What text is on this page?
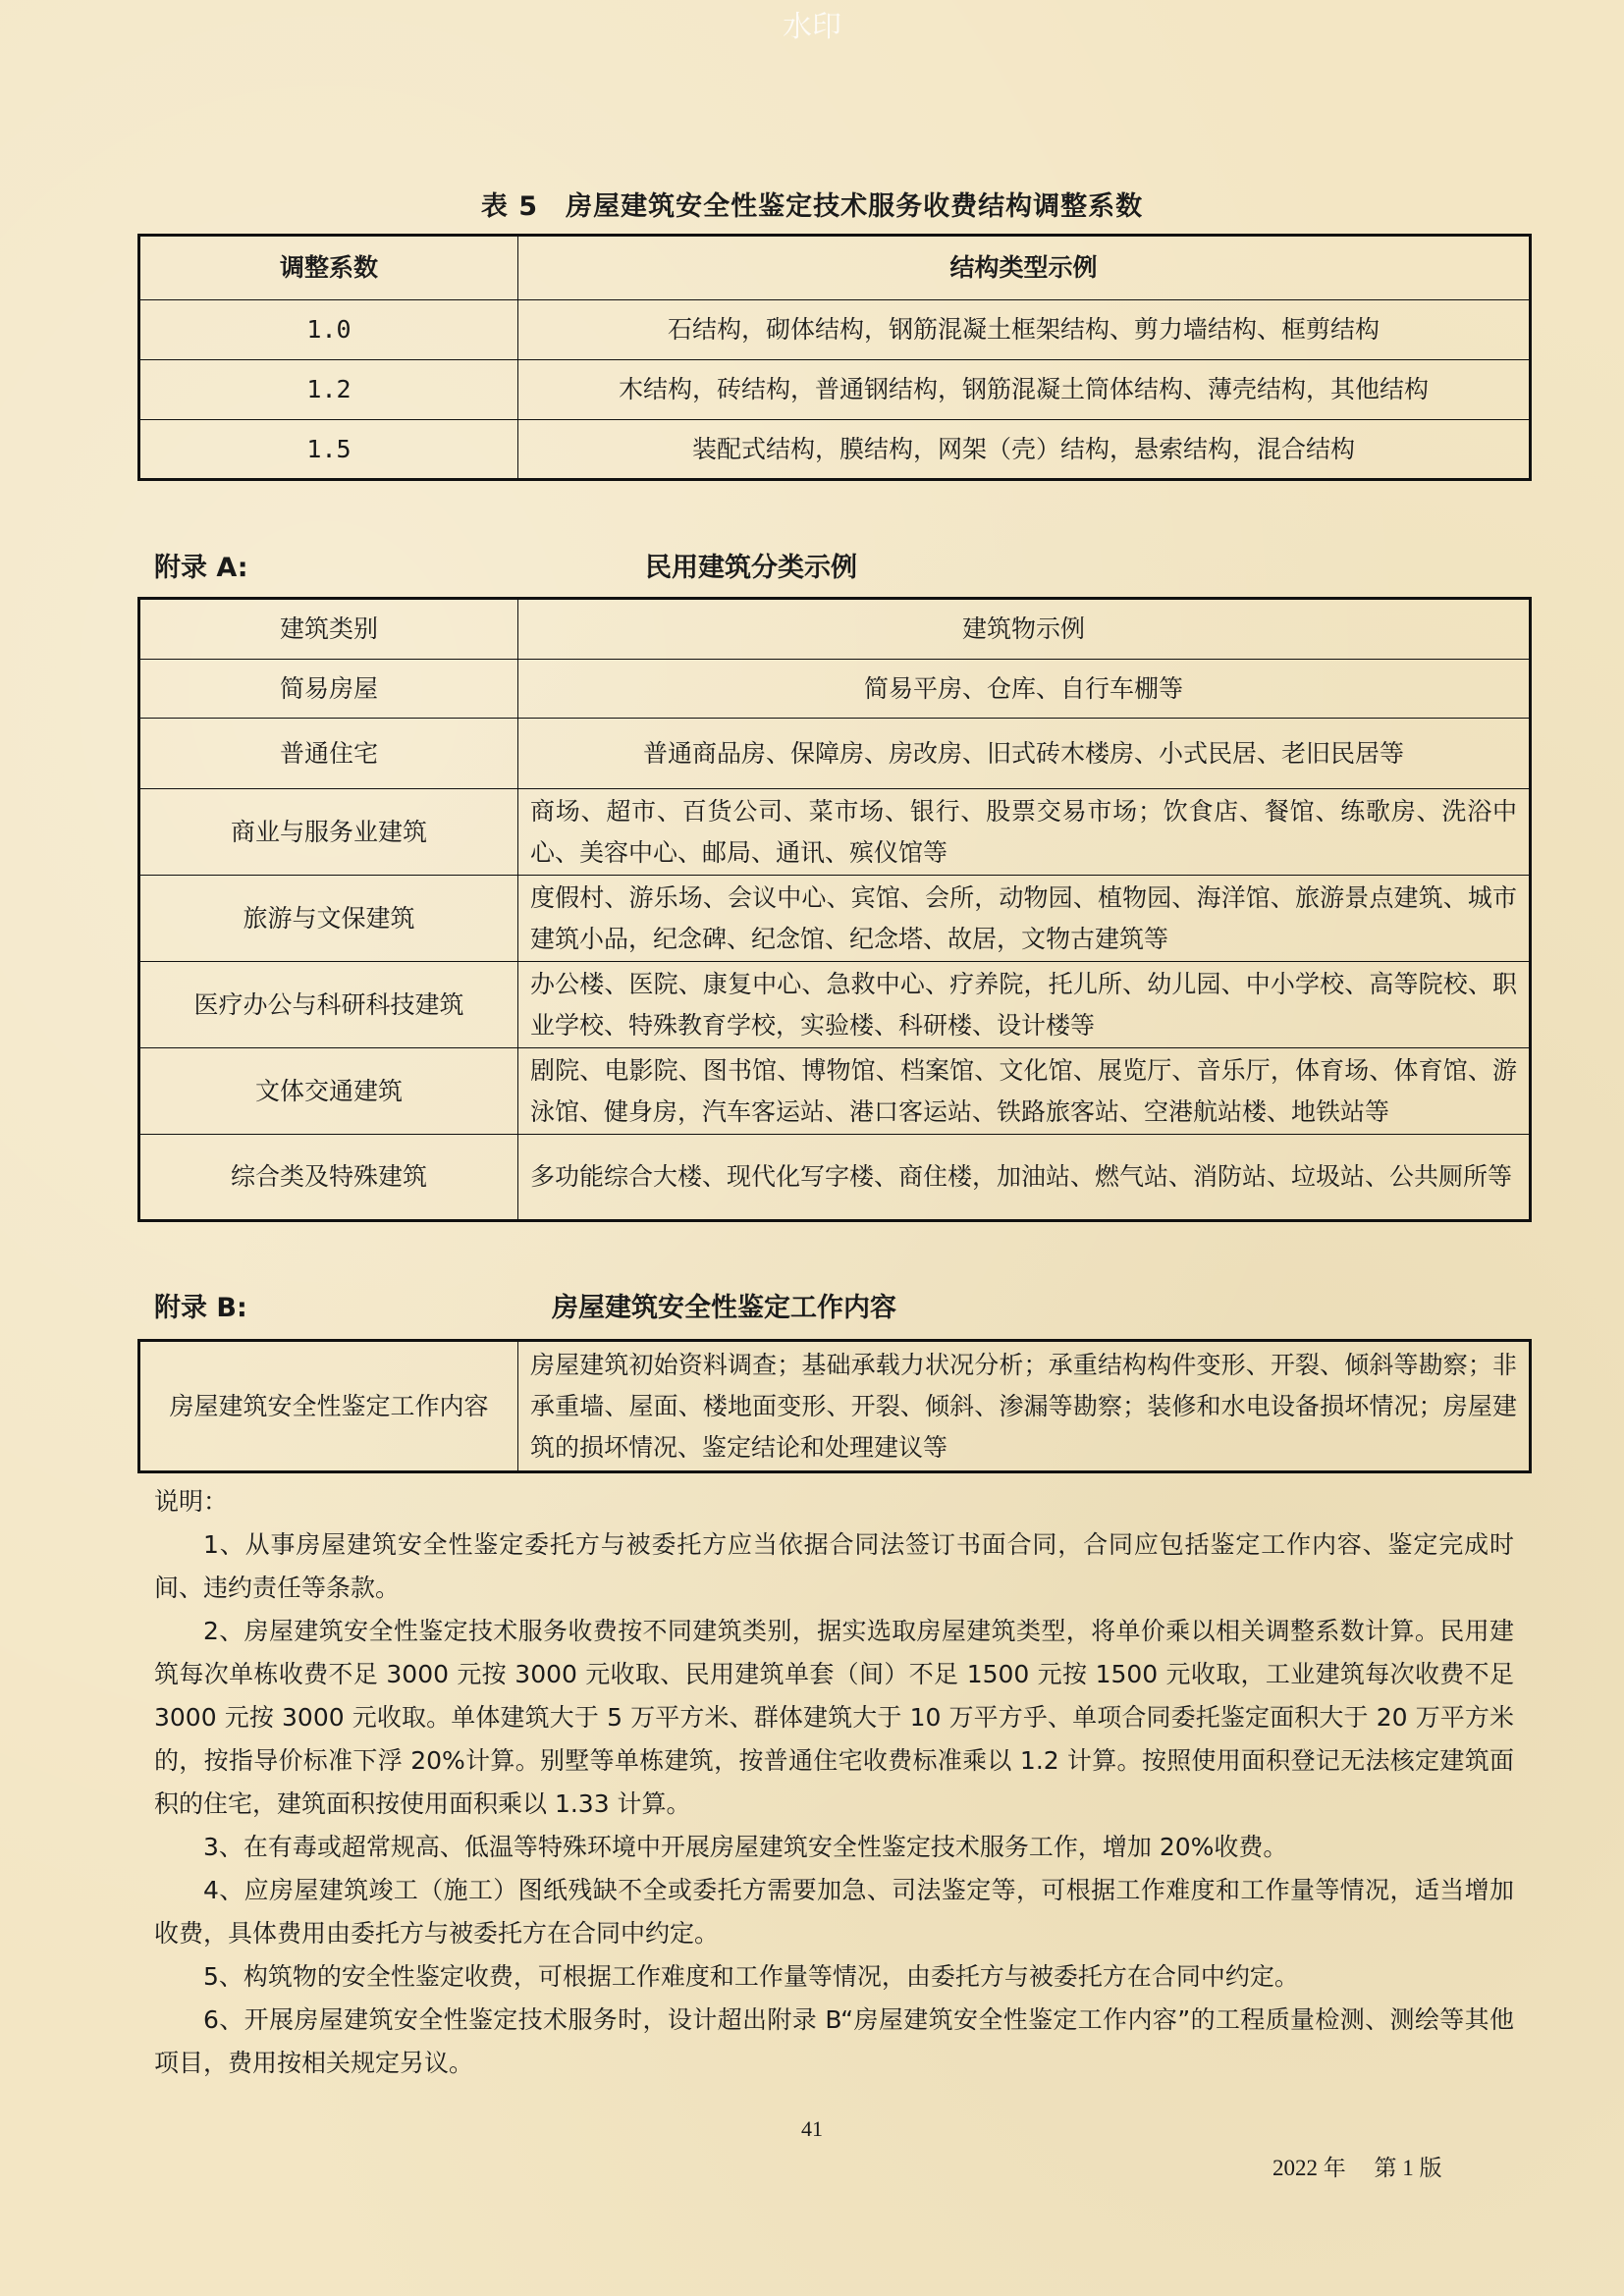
水印
表 5　房屋建筑安全性鉴定技术服务收费结构调整系数
调整系数	结构类型示例
1.0	石结构，砌体结构，钢筋混凝土框架结构、剪力墙结构、框剪结构
1.2	木结构，砖结构，普通钢结构，钢筋混凝土筒体结构、薄壳结构，其他结构
1.5	装配式结构，膜结构，网架（壳）结构，悬索结构，混合结构
附录 A:	民用建筑分类示例
建筑类别	建筑物示例
简易房屋	简易平房、仓库、自行车棚等
普通住宅	普通商品房、保障房、房改房、旧式砖木楼房、小式民居、老旧民居等
商业与服务业建筑	商场、超市、百货公司、菜市场、银行、股票交易市场；饮食店、餐馆、练歌房、洗浴中心、美容中心、邮局、通讯、殡仪馆等
旅游与文保建筑	度假村、游乐场、会议中心、宾馆、会所，动物园、植物园、海洋馆、旅游景点建筑、城市建筑小品，纪念碑、纪念馆、纪念塔、故居，文物古建筑等
医疗办公与科研科技建筑	办公楼、医院、康复中心、急救中心、疗养院，托儿所、幼儿园、中小学校、高等院校、职业学校、特殊教育学校，实验楼、科研楼、设计楼等
文体交通建筑	剧院、电影院、图书馆、博物馆、档案馆、文化馆、展览厅、音乐厅，体育场、体育馆、游泳馆、健身房，汽车客运站、港口客运站、铁路旅客站、空港航站楼、地铁站等
综合类及特殊建筑	多功能综合大楼、现代化写字楼、商住楼，加油站、燃气站、消防站、垃圾站、公共厕所等
附录 B:	房屋建筑安全性鉴定工作内容
房屋建筑安全性鉴定工作内容	房屋建筑初始资料调查；基础承载力状况分析；承重结构构件变形、开裂、倾斜等勘察；非承重墙、屋面、楼地面变形、开裂、倾斜、渗漏等勘察；装修和水电设备损坏情况；房屋建筑的损坏情况、鉴定结论和处理建议等

说明：

1、从事房屋建筑安全性鉴定委托方与被委托方应当依据合同法签订书面合同，合同应包括鉴定工作内容、鉴定完成时间、违约责任等条款。

2、房屋建筑安全性鉴定技术服务收费按不同建筑类别，据实选取房屋建筑类型，将单价乘以相关调整系数计算。民用建筑每次单栋收费不足 3000 元按 3000 元收取、民用建筑单套（间）不足 1500 元按 1500 元收取，工业建筑每次收费不足 3000 元按 3000 元收取。单体建筑大于 5 万平方米、群体建筑大于 10 万平方乎、单项合同委托鉴定面积大于 20 万平方米的，按指导价标准下浮 20%计算。别墅等单栋建筑，按普通住宅收费标准乘以 1.2 计算。按照使用面积登记无法核定建筑面积的住宅，建筑面积按使用面积乘以 1.33 计算。

3、在有毒或超常规高、低温等特殊环境中开展房屋建筑安全性鉴定技术服务工作，增加 20%收费。

4、应房屋建筑竣工（施工）图纸残缺不全或委托方需要加急、司法鉴定等，可根据工作难度和工作量等情况，适当增加收费，具体费用由委托方与被委托方在合同中约定。

5、构筑物的安全性鉴定收费，可根据工作难度和工作量等情况，由委托方与被委托方在合同中约定。

6、开展房屋建筑安全性鉴定技术服务时，设计超出附录 B“房屋建筑安全性鉴定工作内容”的工程质量检测、测绘等其他项目，费用按相关规定另议。

41
2022 年　 第 1 版
